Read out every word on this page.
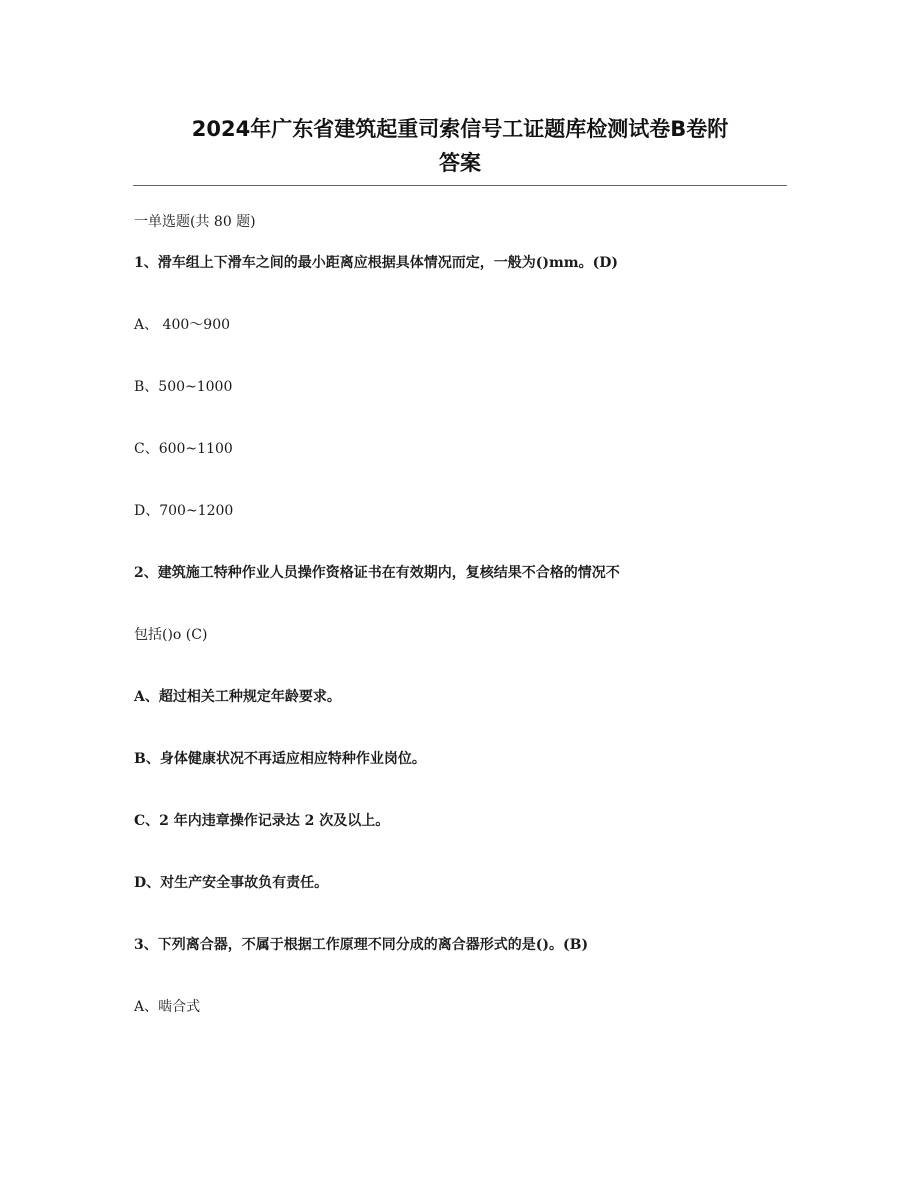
2024年广东省建筑起重司索信号工证题库检测试卷B卷附
答案
一单选题(共 80 题)
1、滑车组上下滑车之间的最小距离应根据具体情况而定，一般为()mm。(D)
A、 400～900
B、500~1000
C、600~1100
D、700~1200
2、建筑施工特种作业人员操作资格证书在有效期内，复核结果不合格的情况不
包括()o (C)
A、超过相关工种规定年龄要求。
B、身体健康状况不再适应相应特种作业岗位。
C、2 年内违章操作记录达 2 次及以上。
D、对生产安全事故负有责任。
3、下列离合器，不属于根据工作原理不同分成的离合器形式的是()。(B)
A、啮合式
